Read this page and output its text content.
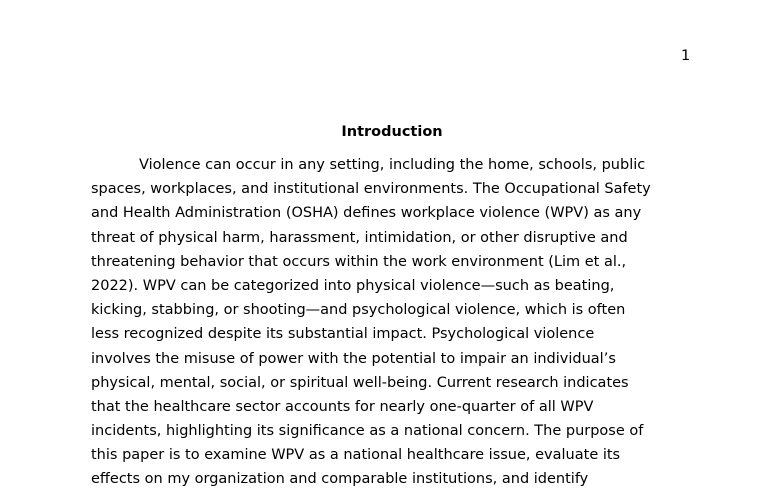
1
Introduction
Violence can occur in any setting, including the home, schools, public
spaces, workplaces, and institutional environments. The Occupational Safety
and Health Administration (OSHA) defines workplace violence (WPV) as any
threat of physical harm, harassment, intimidation, or other disruptive and
threatening behavior that occurs within the work environment (Lim et al.,
2022). WPV can be categorized into physical violence—such as beating,
kicking, stabbing, or shooting—and psychological violence, which is often
less recognized despite its substantial impact. Psychological violence
involves the misuse of power with the potential to impair an individual’s
physical, mental, social, or spiritual well-being. Current research indicates
that the healthcare sector accounts for nearly one-quarter of all WPV
incidents, highlighting its significance as a national concern. The purpose of
this paper is to examine WPV as a national healthcare issue, evaluate its
effects on my organization and comparable institutions, and identify
